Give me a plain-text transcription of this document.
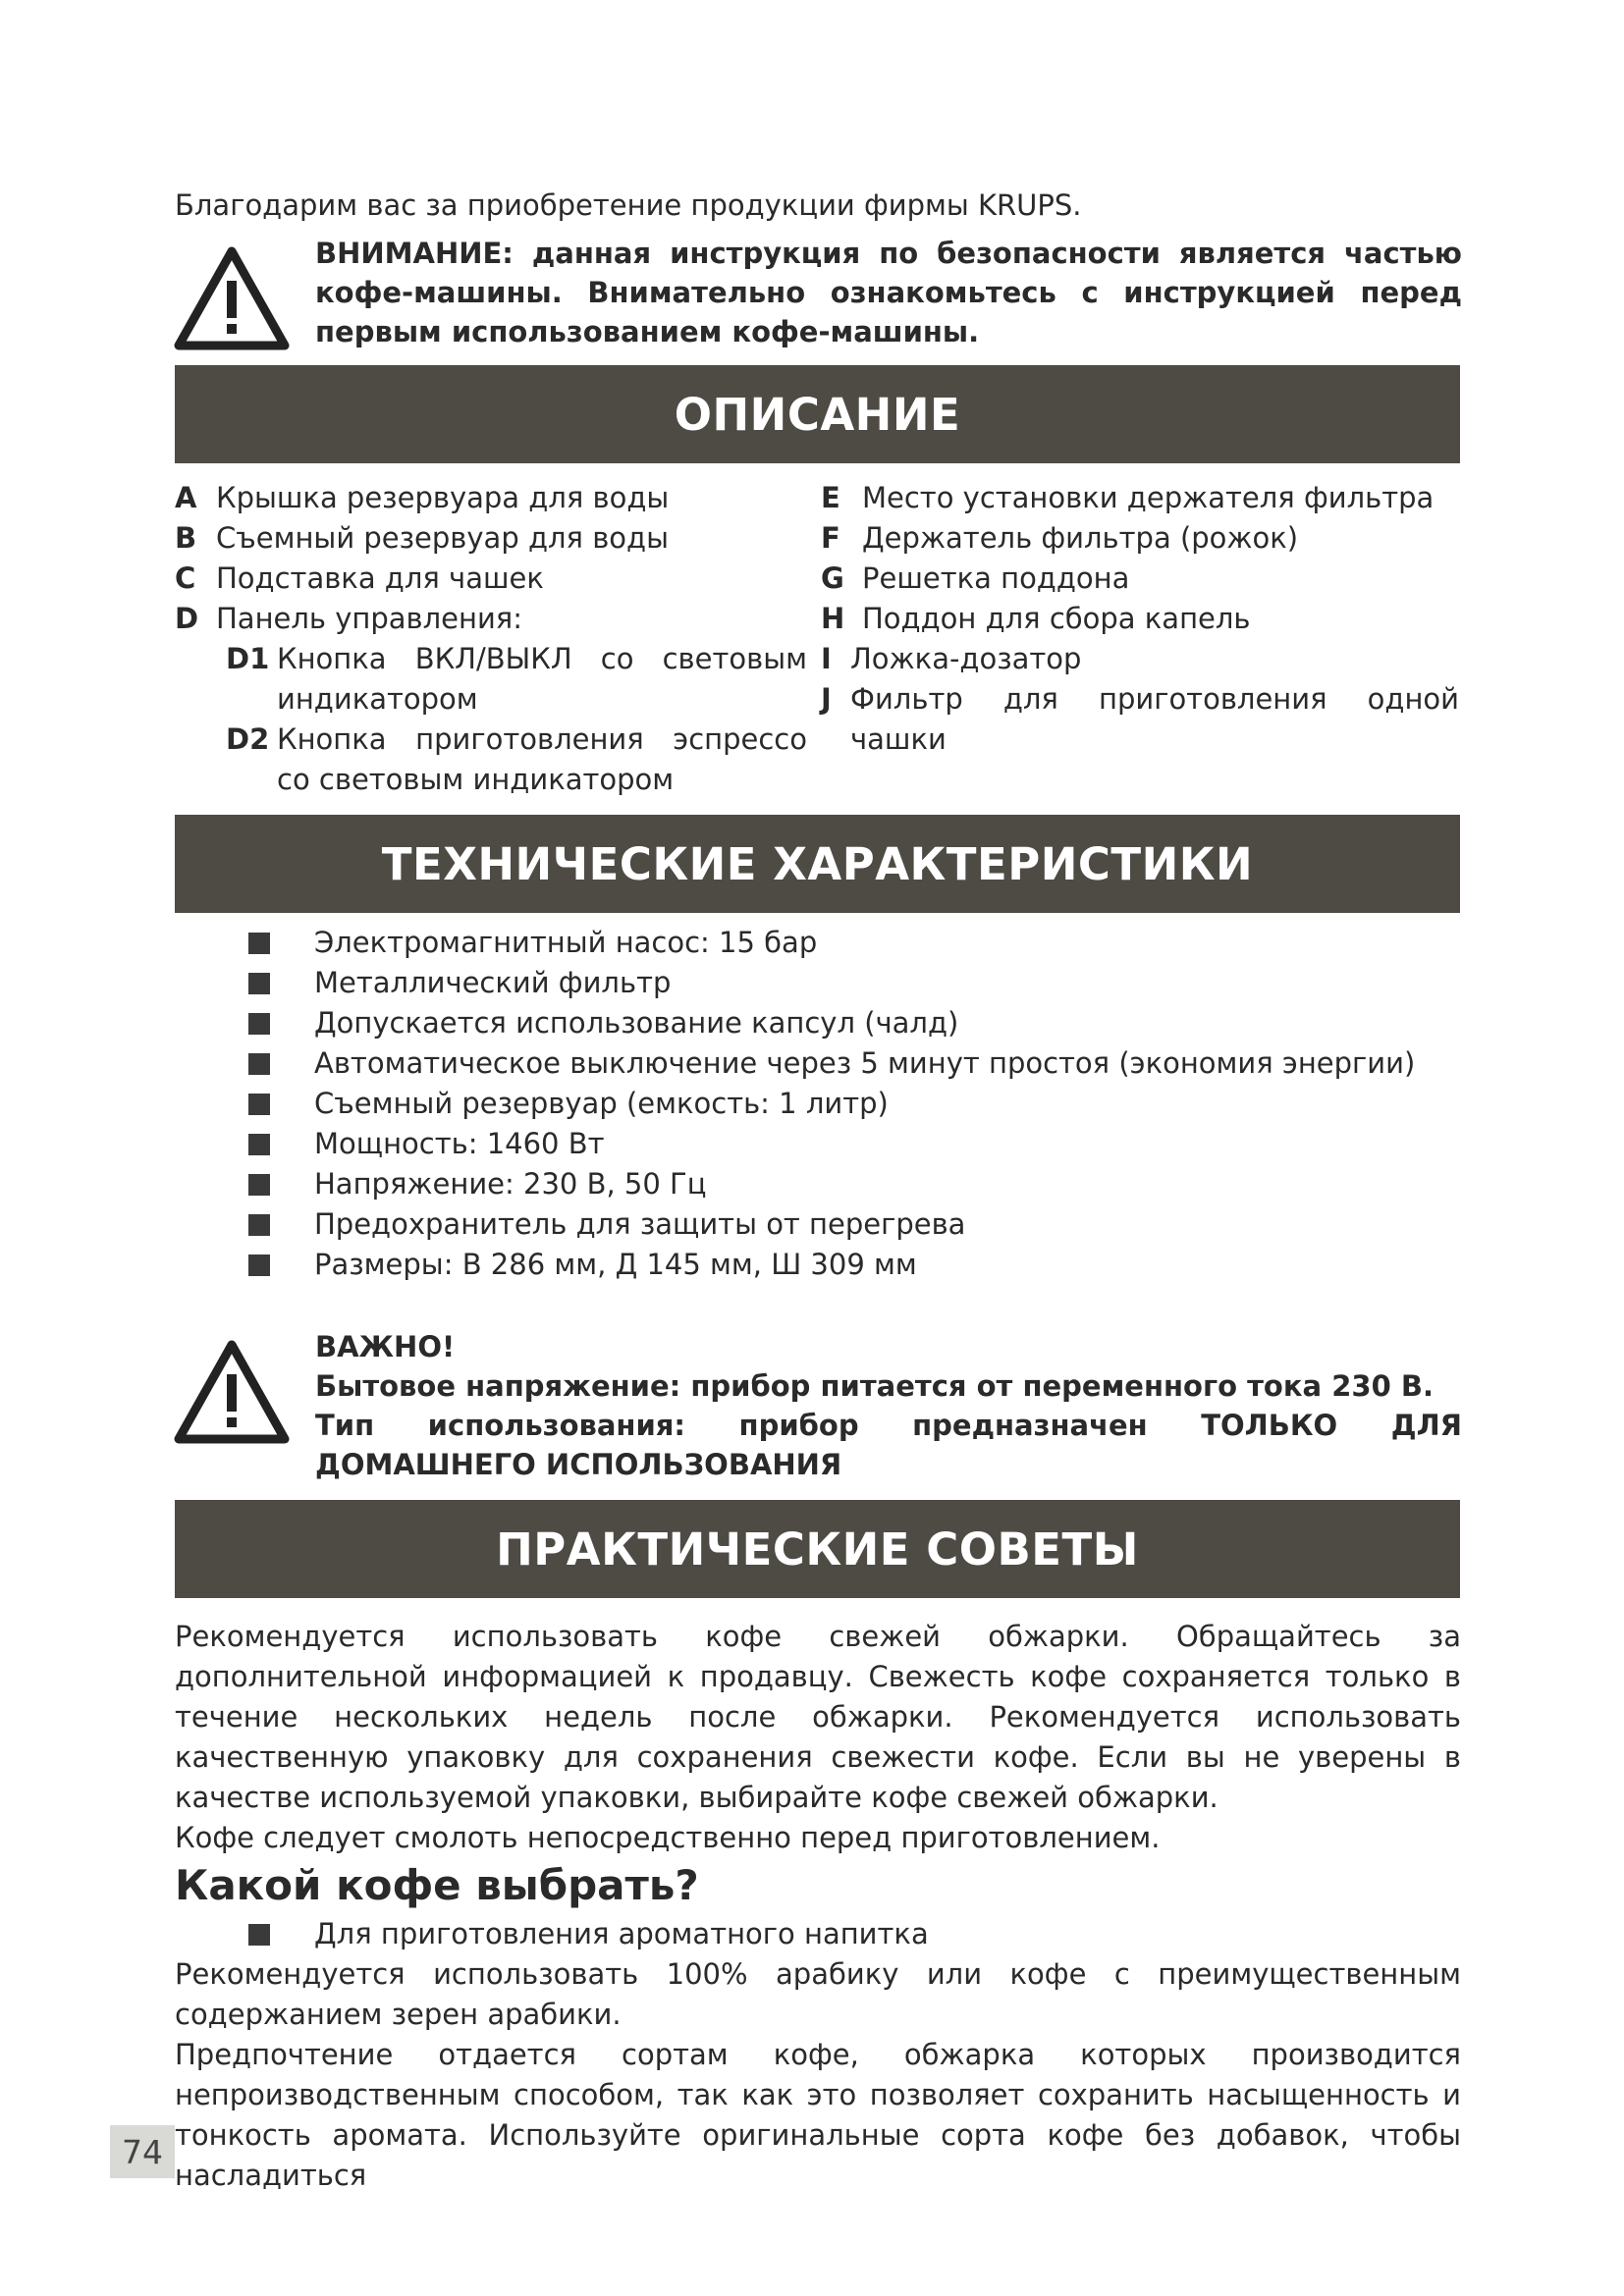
Благодарим вас за приобретение продукции фирмы KRUPS.
ВНИМАНИЕ: данная инструкция по безопасности является частью кофе-машины. Внимательно ознакомьтесь с инструкцией перед первым использованием кофе-машины.
ОПИСАНИЕ
A Крышка резервуара для воды
B Съемный резервуар для воды
C Подставка для чашек
D Панель управления:
D1 Кнопка ВКЛ/ВЫКЛ со световым индикатором
D2 Кнопка приготовления эспрессо со световым индикатором
E Место установки держателя фильтра
F Держатель фильтра (рожок)
G Решетка поддона
H Поддон для сбора капель
I Ложка-дозатор
J Фильтр для приготовления одной чашки
ТЕХНИЧЕСКИЕ ХАРАКТЕРИСТИКИ
Электромагнитный насос: 15 бар
Металлический фильтр
Допускается использование капсул (чалд)
Автоматическое выключение через 5 минут простоя (экономия энергии)
Съемный резервуар (емкость: 1 литр)
Мощность: 1460 Вт
Напряжение: 230 В, 50 Гц
Предохранитель для защиты от перегрева
Размеры: В 286 мм, Д 145 мм, Ш 309 мм
ВАЖНО!
Бытовое напряжение: прибор питается от переменного тока 230 В.
Тип использования: прибор предназначен ТОЛЬКО ДЛЯ ДОМАШНЕГО ИСПОЛЬЗОВАНИЯ
ПРАКТИЧЕСКИЕ СОВЕТЫ
Рекомендуется использовать кофе свежей обжарки. Обращайтесь за дополнительной информацией к продавцу. Свежесть кофе сохраняется только в течение нескольких недель после обжарки. Рекомендуется использовать качественную упаковку для сохранения свежести кофе. Если вы не уверены в качестве используемой упаковки, выбирайте кофе свежей обжарки.
Кофе следует смолоть непосредственно перед приготовлением.
Какой кофе выбрать?
Для приготовления ароматного напитка
Рекомендуется использовать 100% арабику или кофе с преимущественным содержанием зерен арабики.
Предпочтение отдается сортам кофе, обжарка которых производится непроизводственным способом, так как это позволяет сохранить насыщенность и тонкость аромата. Используйте оригинальные сорта кофе без добавок, чтобы насладиться
74
